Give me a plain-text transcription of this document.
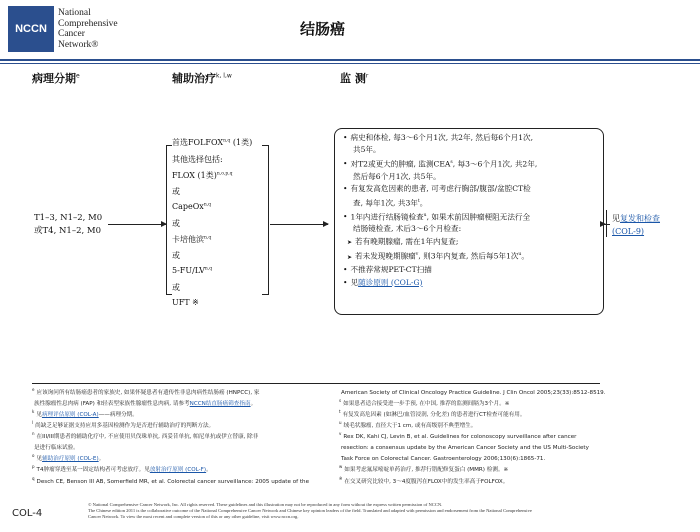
NCCN
National
Comprehensive
Cancer
Network®
结肠癌
病理分期$^e$	辅助治疗$^{k, l,w}$	监 测$^r$
T1–3, N1–2, M0
或T4, N1–2, M0
首选FOLFOX$^{n,q}$ (1类)
其他选择包括:
FLOX (1类)$^{n,o,p,q}$
或
CapeOx$^{n,q}$
或
卡培他滨$^{n,q}$
或
5-FU/LV$^{n,q}$
或
UFT ※
• 病史和体检, 每3～6个月1次, 共2年, 然后每6个月1次,
共5年。
• 对T2或更大的肿瘤, 监测CEA$^s$, 每3～6个月1次, 共2年,
然后每6个月1次, 共5年。
• 有复发高危因素的患者, 可考虑行胸部/腹部/盆腔CT检
查, 每年1次, 共3年$^t$。
• 1年内进行结肠镜检查$^u$, 如果术前因肿瘤梗阻无法行全
结肠镜检查, 术后3～6个月检查:
➤ 若有晚期腺瘤, 需在1年内复查;
➤ 若未发现晚期腺瘤$^v$, 则3年内复查, 然后每5年1次$^u$。
• 不推荐常规PET-CT扫描
• 见随诊原则 (COL-G)
见复发和检查
(COL-9)
$^e$应该询问所有结肠癌患者的家族史, 如果怀疑患者有遗传性非息肉病性结肠癌 (HNPCC), 家
族性腺瘤性息肉病 (FAP) 和轻表型家族性腺瘤性息肉病, 请参考NCCN结直肠癌筛查指南。
$^k$见病理评估原则 (COL-A)——病理分期。
$^l$尚缺乏足够证据支持应用多基因检测作为是否进行辅助治疗的判断方法。
$^n$在III/III期患者的辅助化疗中, 不应使用贝伐珠单抗, 西妥昔单抗, 帕尼单抗或伊立替康, 除非
是进行临床试验。
$^o$见辅助治疗原则 (COL-E)。
$^p$T4肿瘤穿透至某一固定结构者可考虑放疗。见放射治疗原则 (COL-F)。
$^q$Desch CE, Benson III AB, Somerfield MR, et al. Colorectal cancer surveillance: 2005 update of the
American Society of Clinical Oncology Practice Guideline. J Clin Oncol 2005;23(33):8512-8519.
$^s$如果患者适合接受进一步手预, 在中国, 推荐的监测间隔为3个月。※
$^t$有复发高危因素 (如淋巴/血管浸润, 分化差) 的患者进行CT检查可能有用。
$^u$绒毛状腺瘤, 直径大于1 cm, 或有高级别不典型增生。
$^v$Rex DK, Kahi CJ, Levin B, et al. Guidelines for colonoscopy surveillance after cancer
resection: a consensus update by the American Cancer Society and the US Multi-Society
Task Force on Colorectal Cancer. Gastroenterology 2006;130(6):1865-71.
$^w$如果考虑氟尿嘧啶单药治疗, 推荐行错配修复蛋白 (MMR) 检测。※
※在交叉研究比较中, 3～4度腹泻在FLOX中的发生率高于FOLFOX。
© National Comprehensive Cancer Network, Inc. All rights reserved. These guidelines and this illustration may not be reproduced in any form without the express written permission of NCCN.
The Chinese edition 2011 is the collaborative outcome of the National Comprehensive Cancer Network and Chinese key opinion leaders of the field. Translated and adapted with permission and endorsement from the National Comprehensive
Cancer Network. To view the most recent and complete version of this or any other guideline, visit www.nccn.org.
COL-4
